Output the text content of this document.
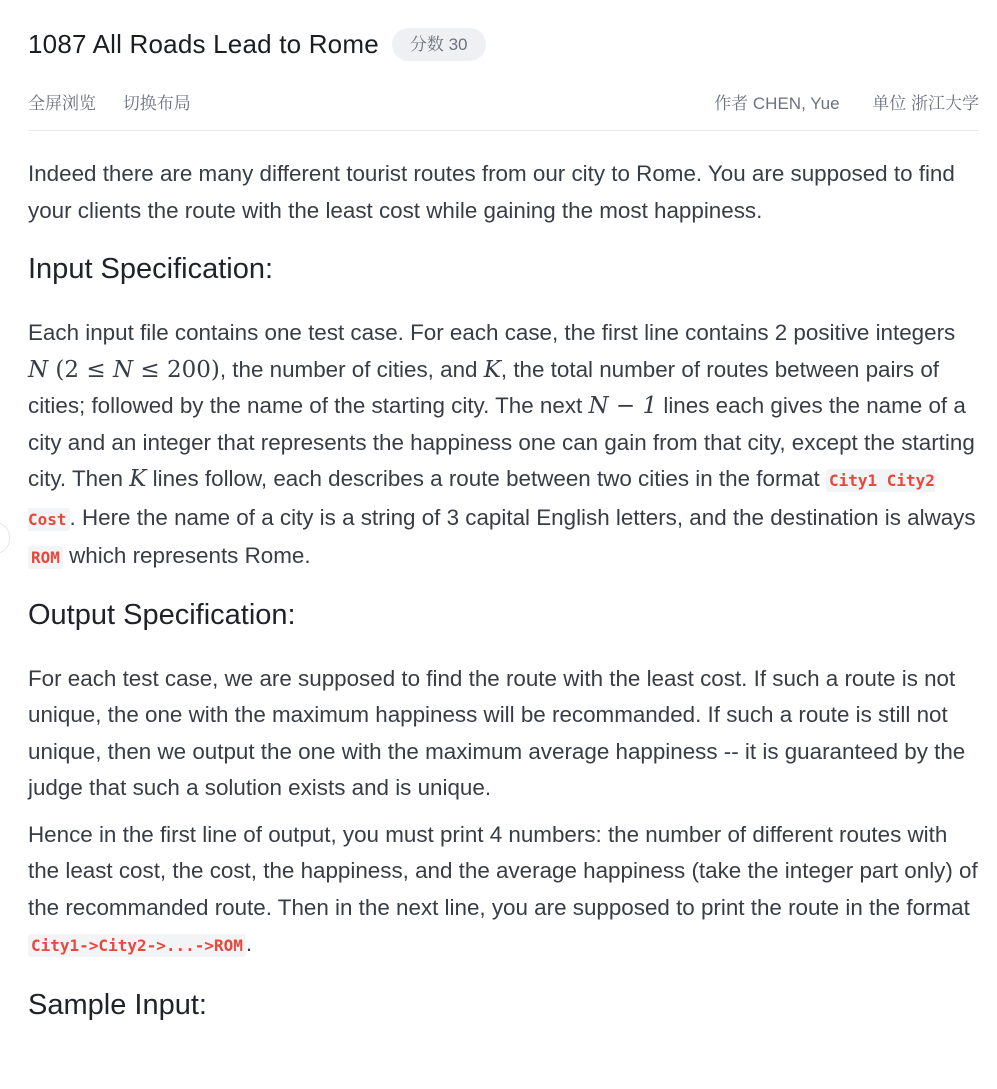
1087 All Roads Lead to Rome	分数 30
全屏浏览 切换布局	作者 CHEN, Yue 单位 浙江大学

Indeed there are many different tourist routes from our city to Rome. You are supposed to find your clients the route with the least cost while gaining the most happiness.

Input Specification:

Each input file contains one test case. For each case, the first line contains 2 positive integers N (2 ≤ N ≤ 200), the number of cities, and K, the total number of routes between pairs of cities; followed by the name of the starting city. The next N − 1 lines each gives the name of a city and an integer that represents the happiness one can gain from that city, except the starting city. Then K lines follow, each describes a route between two cities in the format City1 City2 Cost . Here the name of a city is a string of 3 capital English letters, and the destination is always ROM which represents Rome.

Output Specification:

For each test case, we are supposed to find the route with the least cost. If such a route is not unique, the one with the maximum happiness will be recommanded. If such a route is still not unique, then we output the one with the maximum average happiness -- it is guaranteed by the judge that such a solution exists and is unique.

Hence in the first line of output, you must print 4 numbers: the number of different routes with the least cost, the cost, the happiness, and the average happiness (take the integer part only) of the recommanded route. Then in the next line, you are supposed to print the route in the format City1->City2->...->ROM .

Sample Input:
